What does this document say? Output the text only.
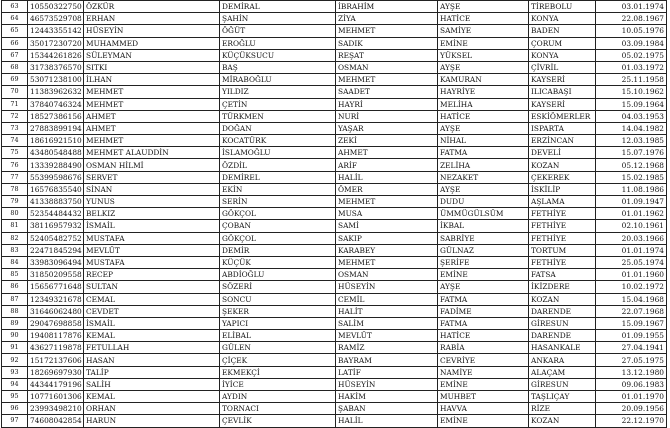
63	10550322750	ÖZKÜR	DEMİRAL	İBRAHİM	AYŞE	TİREBOLU	03.01.1974
64	46573529708	ERHAN	ŞAHİN	ZİYA	HATİCE	KONYA	22.08.1967
65	12443355142	HÜSEYİN	ÖĞÜT	MEHMET	SAMİYE	BADEN	10.05.1976
66	35017230720	MUHAMMED	EROĞLU	SADIK	EMİNE	ÇORUM	03.09.1984
67	15344261826	SÜLEYMAN	KÜÇÜKSUCU	REŞAT	YÜKSEL	KONYA	05.02.1975
68	31738376570	SITKI	BAŞ	OSMAN	AYŞE	ÇİVRİL	01.03.1972
69	53071238100	İLHAN	MİRABOĞLU	MEHMET	KAMURAN	KAYSERİ	25.11.1958
70	11383962632	MEHMET	YILDIZ	SAADET	HAYRİYE	ILICABAŞI	15.10.1962
71	37840746324	MEHMET	ÇETİN	HAYRİ	MELİHA	KAYSERİ	15.09.1964
72	18527386156	AHMET	TÜRKMEN	NURİ	HATİCE	ESKİÖMERLER	04.03.1953
73	27883899194	AHMET	DOĞAN	YAŞAR	AYŞE	ISPARTA	14.04.1982
74	18616921510	MEHMET	KOCATÜRK	ZEKİ	NİHAL	ERZİNCAN	12.03.1985
75	43480548488	MEHMET ALAUDDİN	İSLAMOĞLU	AHMET	FATMA	DEVELİ	15.07.1976
76	13339288490	OSMAN HİLMİ	ÖZDİL	ARİF	ZELİHA	KOZAN	05.12.1968
77	55399598676	SERVET	DEMİREL	HALİL	NEZAKET	ÇEKEREK	15.02.1985
78	16576835540	SİNAN	EKİN	ÖMER	AYŞE	İSKİLİP	11.08.1986
79	41338883750	YUNUS	SERİN	MEHMET	DUDU	AŞLAMA	01.09.1947
80	52354484432	BELKIZ	GÖKÇOL	MUSA	ÜMMÜGÜLSÜM	FETHİYE	01.01.1962
81	38116957932	İSMAİL	ÇOBAN	SAMİ	İKBAL	FETHİYE	02.10.1961
82	52405482752	MUSTAFA	GÖKÇOL	SAKIP	SABRİYE	FETHİYE	20.03.1966
83	22471845294	MEVLÜT	DEMİR	KARABEY	GÜLNAZ	TORTUM	01.01.1974
84	33983096494	MUSTAFA	KÜÇÜK	MEHMET	ŞERİFE	FETHİYE	25.05.1974
85	31850209558	RECEP	ABDİOĞLU	OSMAN	EMİNE	FATSA	01.01.1960
86	15656771648	SULTAN	SÖZERİ	HÜSEYİN	AYŞE	İKİZDERE	10.02.1972
87	12349321678	CEMAL	SONCU	CEMİL	FATMA	KOZAN	15.04.1968
88	31646062480	CEVDET	ŞEKER	HALİT	FADİME	DARENDE	22.07.1968
89	29047698858	İSMAİL	YAPICI	SALİM	FATMA	GİRESUN	15.09.1967
90	19408117876	KEMAL	ELİBAL	MEVLÜT	HATİCE	DARENDE	01.09.1955
91	43627119878	FETULLAH	GÜLEN	RAMİZ	RABİA	HASANKALE	27.04.1941
92	15172137606	HASAN	ÇİÇEK	BAYRAM	CEVRİYE	ANKARA	27.05.1975
93	18269697930	TALİP	EKMEKÇİ	LATİF	NAMİYE	ALAÇAM	13.12.1980
94	44344179196	SALİH	İYİCE	HÜSEYİN	EMİNE	GİRESUN	09.06.1983
95	10771601306	KEMAL	AYDIN	HAKİM	MUHBET	TAŞLIÇAY	01.01.1970
96	23993498210	ORHAN	TORNACI	ŞABAN	HAVVA	RİZE	20.09.1956
97	74608042854	HARUN	ÇEVLİK	HALİL	EMİNE	KOZAN	22.12.1970
